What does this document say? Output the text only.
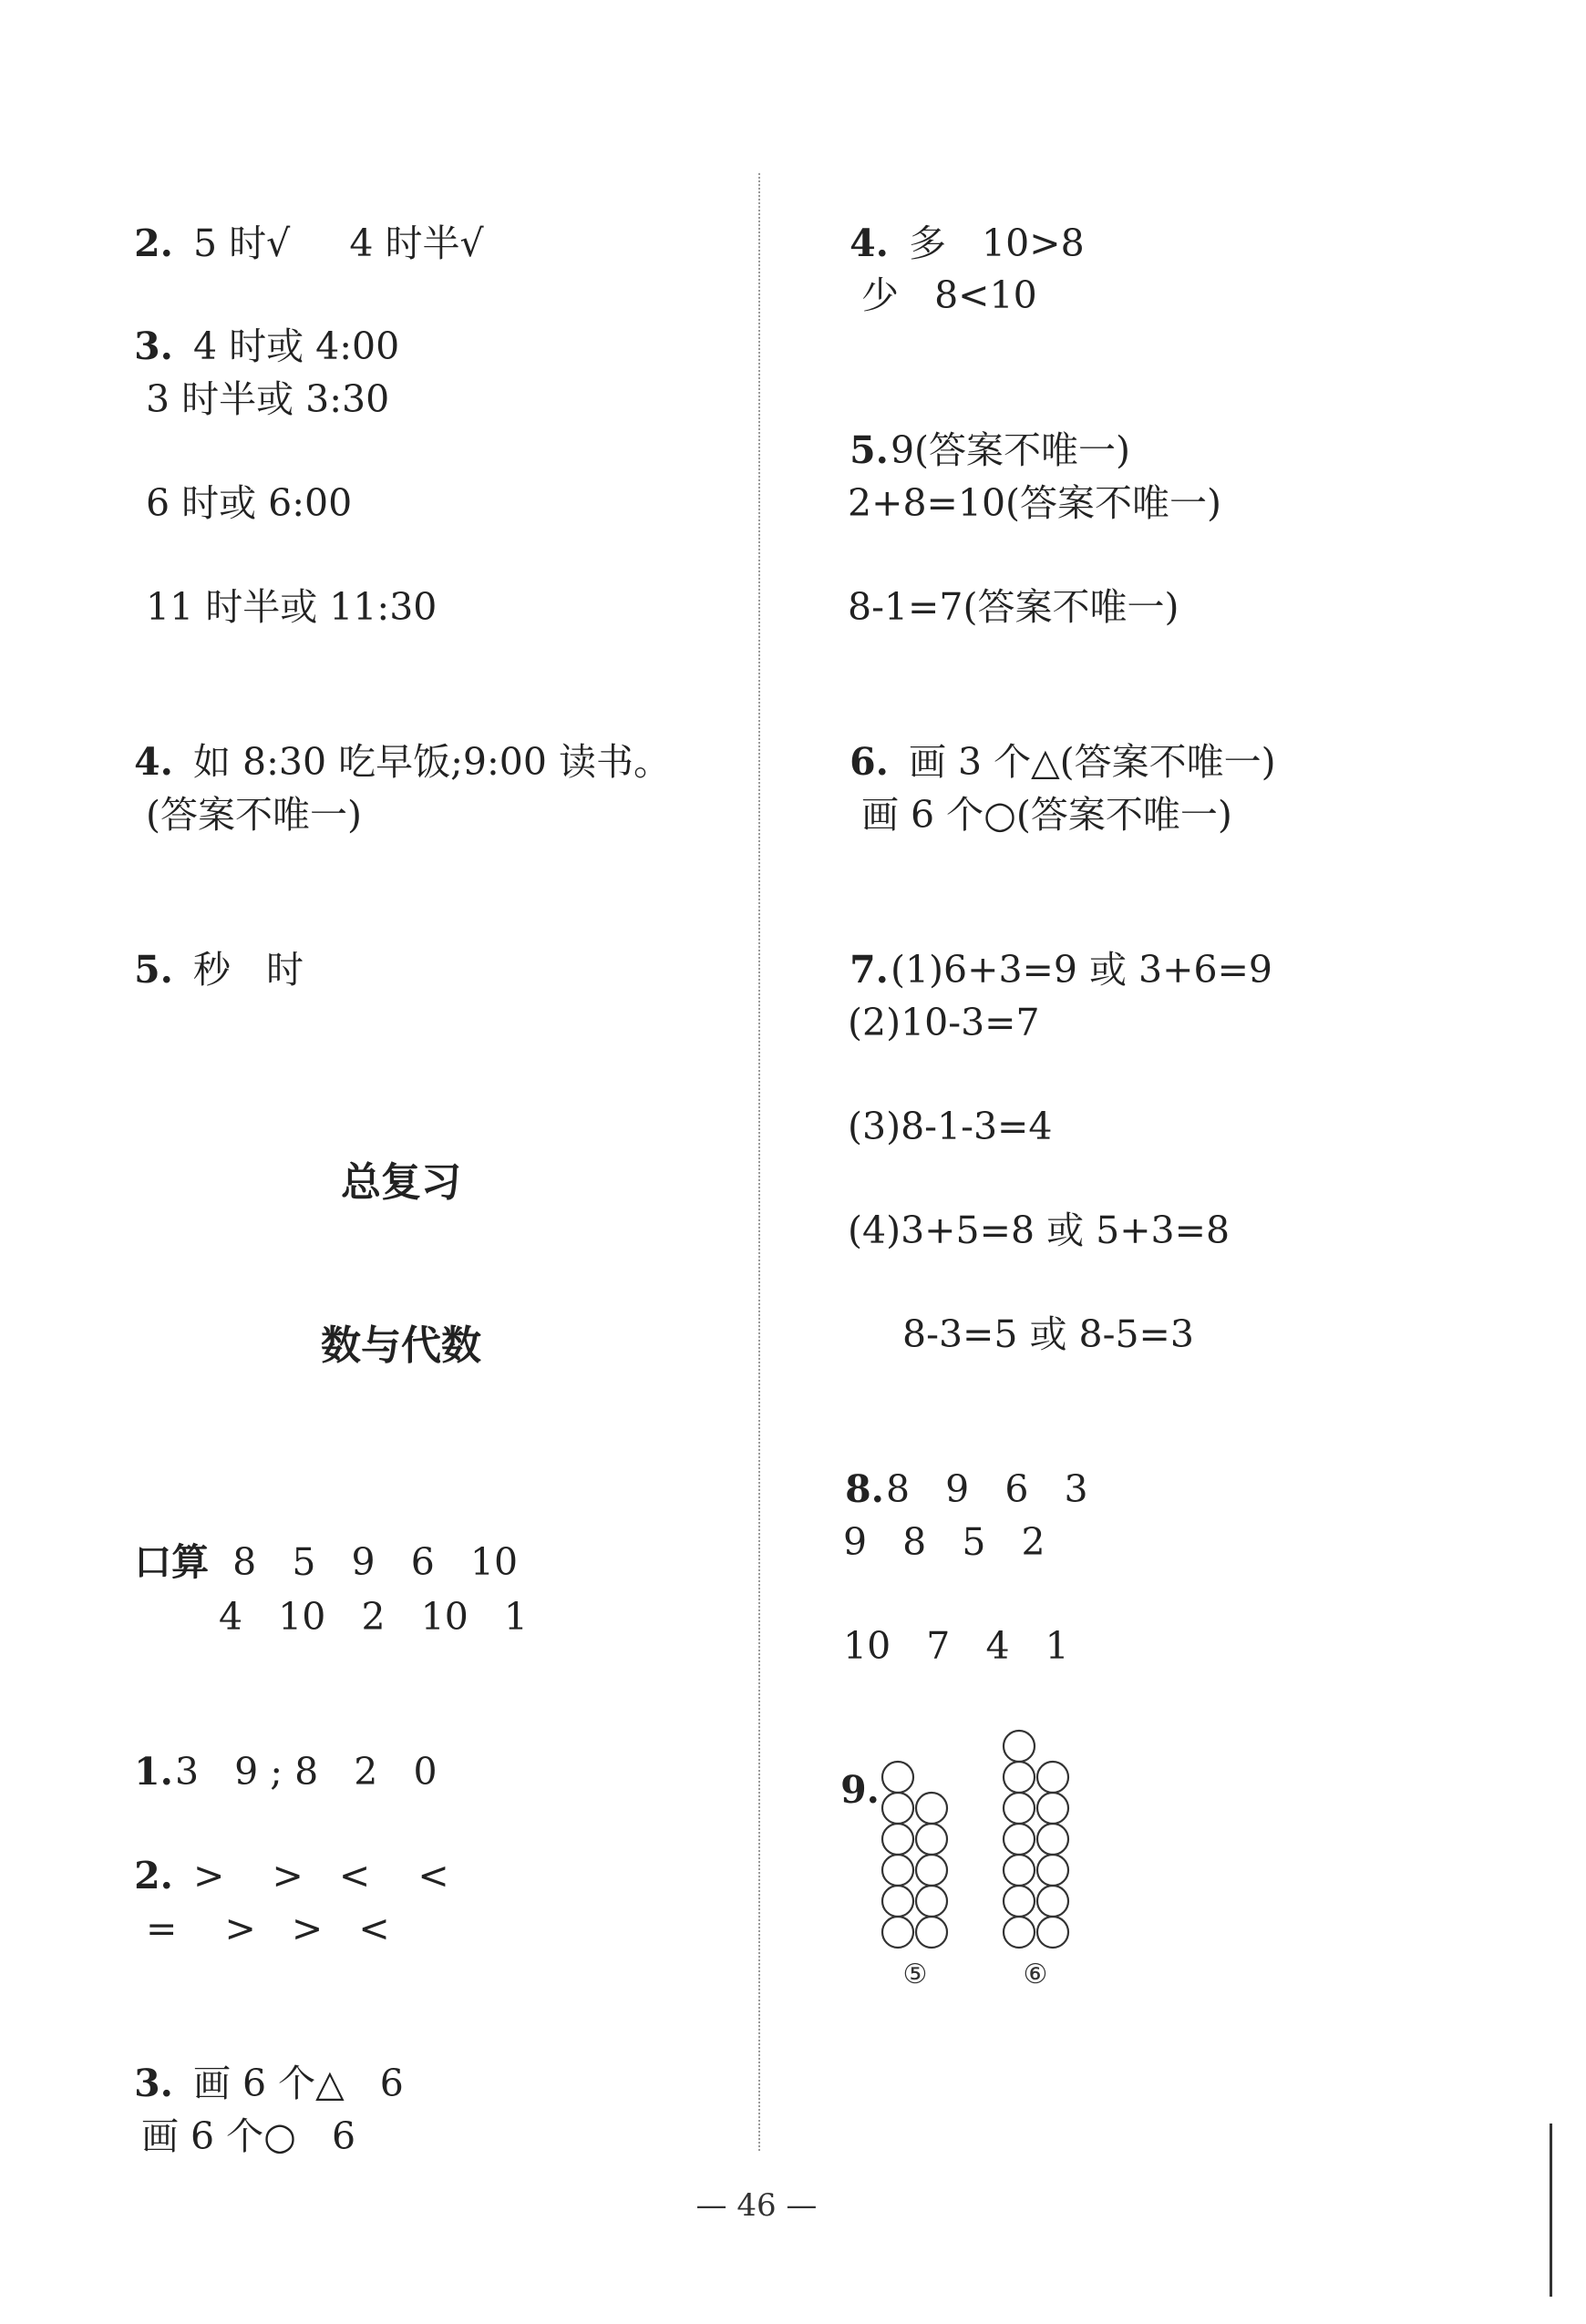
2. 5 时√     4 时半√

3. 4 时或 4:00

3 时半或 3:30
6 时或 6:00
11 时半或 11:30

4. 如 8:30 吃早饭;9:00 读书。

(答案不唯一)

5. 秒   时

总复习
数与代数

口算 8   5   9   6   10

4   10   2   10   1

1.3   9 ; 8   2   0

2. >    >   <    <

=    >   >   <

3. 画 6 个△   6

画 6 个○   6

4. 多   10>8

少   8<10

5.9(答案不唯一)

2+8=10(答案不唯一)
8-1=7(答案不唯一)

6. 画 3 个△(答案不唯一)

画 6 个○(答案不唯一)

7.(1)6+3=9 或 3+6=9

(2)10-3=7
(3)8-1-3=4
(4)3+5=8 或 5+3=8
8-3=5 或 8-5=3

8.8   9   6   3

9   8   5   2
10   7   4   1

9.

⑤	⑥
— 46 —
